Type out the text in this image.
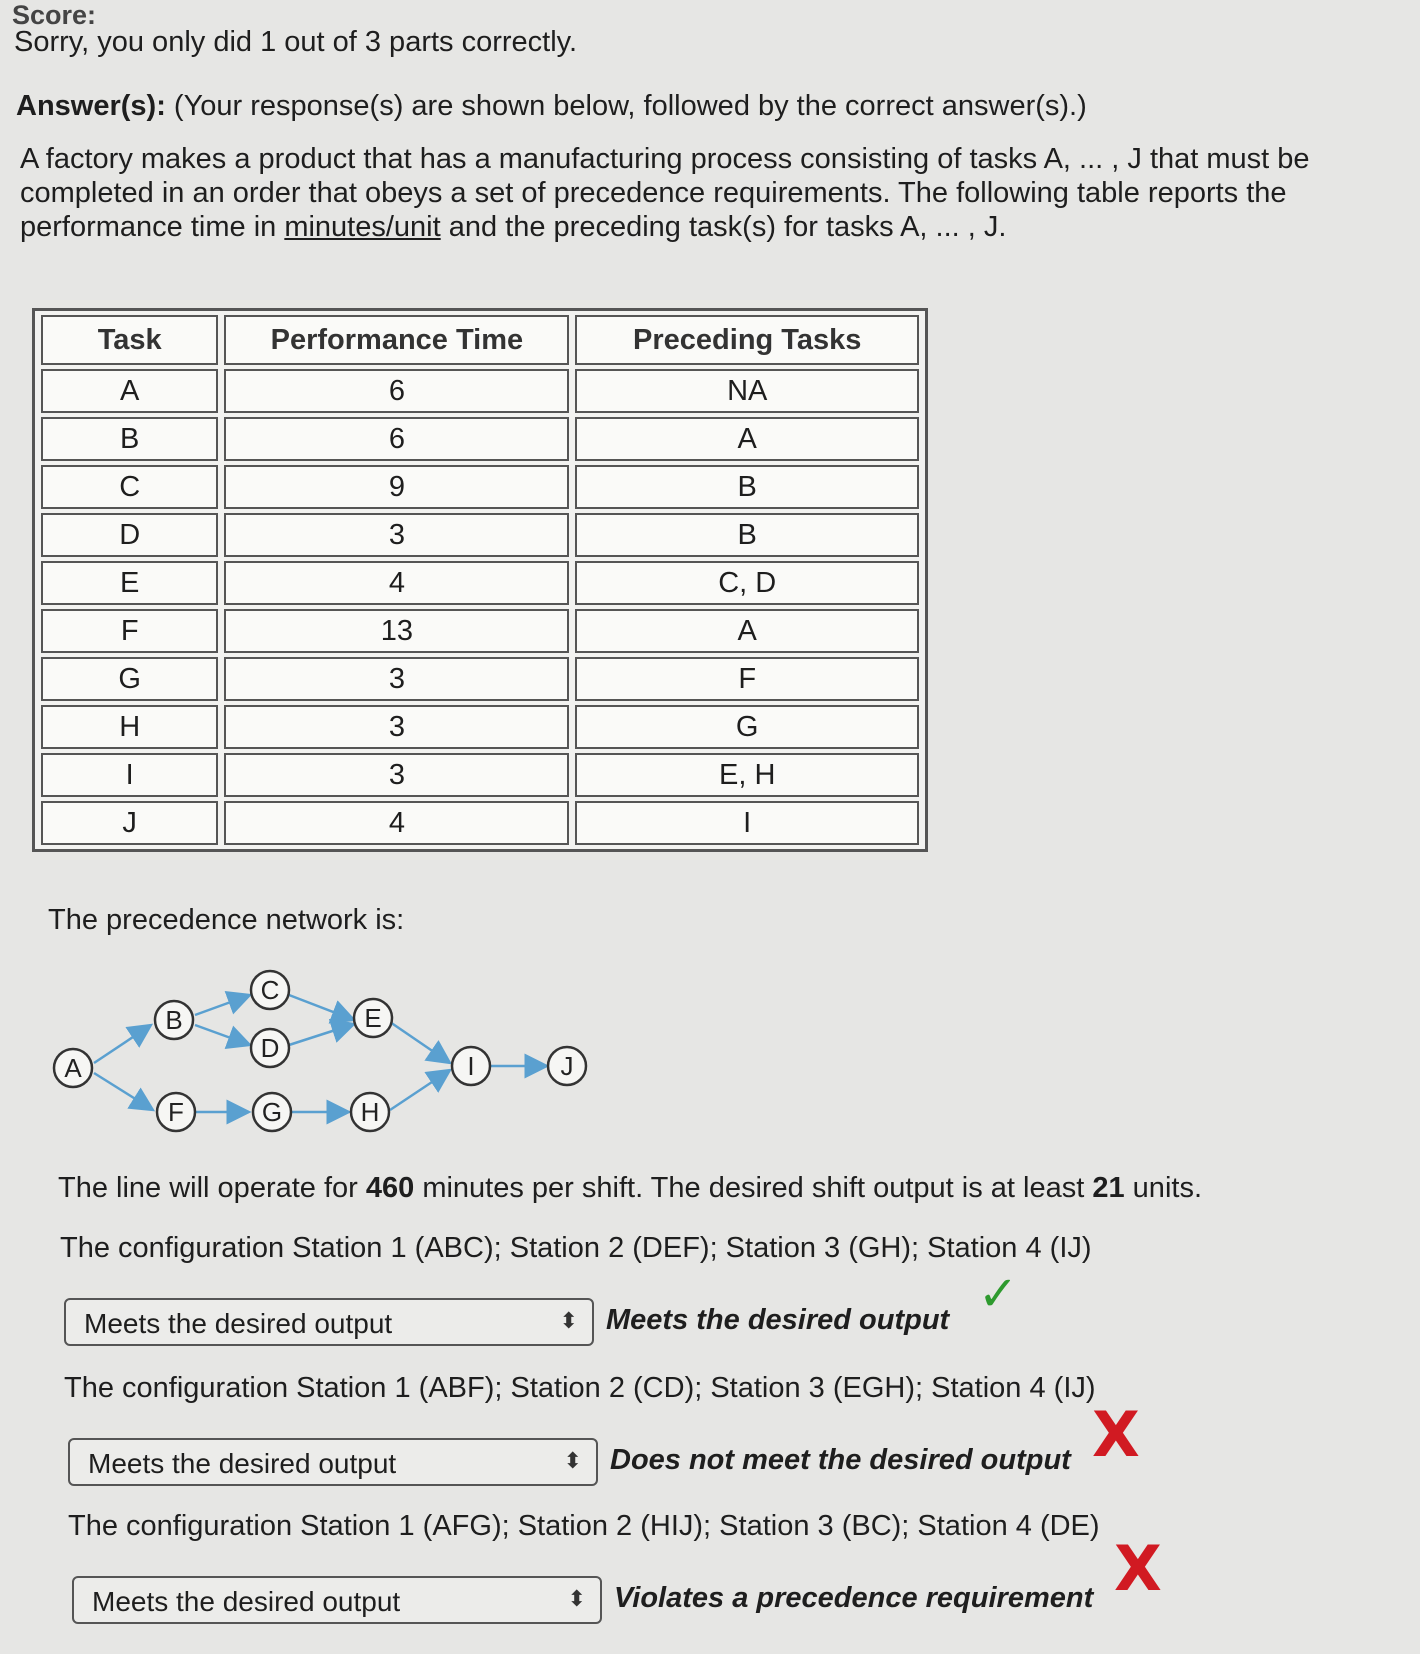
Score:
Sorry, you only did 1 out of 3 parts correctly.
Answer(s): (Your response(s) are shown below, followed by the correct answer(s).)
A factory makes a product that has a manufacturing process consisting of tasks A, ... , J that must be completed in an order that obeys a set of precedence requirements. The following table reports the performance time in minutes/unit and the preceding task(s) for tasks A, ... , J.
Task	Performance Time	Preceding Tasks
A	6	NA
B	6	A
C	9	B
D	3	B
E	4	C, D
F	13	A
G	3	F
H	3	G
I	3	E, H
J	4	I
The precedence network is:
A
B
C
D
E
F	G	H
I	J
The line will operate for 460 minutes per shift. The desired shift output is at least 21 units.
The configuration Station 1 (ABC); Station 2 (DEF); Station 3 (GH); Station 4 (IJ)
Meets the desired output	⬍ Meets the desired output ✓
The configuration Station 1 (ABF); Station 2 (CD); Station 3 (EGH); Station 4 (IJ)
Meets the desired output	⬍ Does not meet the desired output X
The configuration Station 1 (AFG); Station 2 (HIJ); Station 3 (BC); Station 4 (DE)
Meets the desired output	⬍ Violates a precedence requirement X
